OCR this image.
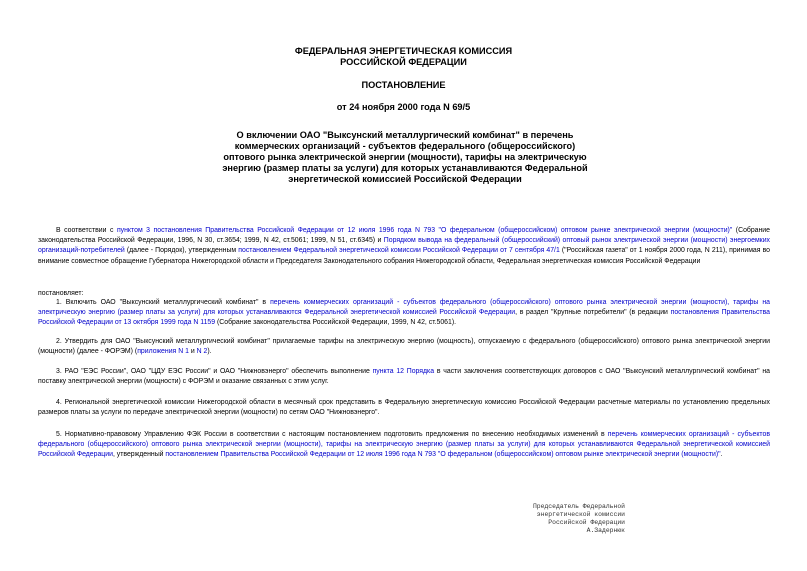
ФЕДЕРАЛЬНАЯ ЭНЕРГЕТИЧЕСКАЯ КОМИССИЯ
РОССИЙСКОЙ ФЕДЕРАЦИИ
ПОСТАНОВЛЕНИЕ
от 24 ноября 2000 года N 69/5
О включении ОАО "Выксунский металлургический комбинат" в перечень коммерческих организаций - субъектов федерального (общероссийского) оптового рынка электрической энергии (мощности), тарифы на электрическую энергию (размер платы за услуги) для которых устанавливаются Федеральной энергетической комиссией Российской Федерации
В соответствии с пунктом 3 постановления Правительства Российской Федерации от 12 июля 1996 года N 793 "О федеральном (общероссийском) оптовом рынке электрической энергии (мощности)" (Собрание законодательства Российской Федерации, 1996, N 30, ст.3654; 1999, N 42, ст.5061; 1999, N 51, ст.6345) и Порядком вывода на федеральный (общероссийский) оптовый рынок электрической энергии (мощности) энергоемких организаций-потребителей (далее - Порядок), утвержденным постановлением Федеральной энергетической комиссии Российской Федерации от 7 сентября 47/1 ("Российская газета" от 1 ноября 2000 года, N 211), принимая во внимание совместное обращение Губернатора Нижегородской области и Председателя Законодательного собрания Нижегородской области, Федеральная энергетическая комиссия Российской Федерации
постановляет:
1. Включить ОАО "Выксунский металлургический комбинат" в перечень коммерческих организаций - субъектов федерального (общероссийского) оптового рынка электрической энергии (мощности), тарифы на электрическую энергию (размер платы за услуги) для которых устанавливаются Федеральной энергетической комиссией Российской Федерации, в раздел "Крупные потребители" (в редакции постановления Правительства Российской Федерации от 13 октября 1999 года N 1159 (Собрание законодательства Российской Федерации, 1999, N 42, ст.5061).
2. Утвердить для ОАО "Выксунский металлургический комбинат" прилагаемые тарифы на электрическую энергию (мощность), отпускаемую с федерального (общероссийского) оптового рынка электрической энергии (мощности) (далее - ФОРЭМ) (приложения N 1 и N 2).
3. РАО "ЕЭС России", ОАО "ЦДУ ЕЭС России" и ОАО "Нижновэнерго" обеспечить выполнение пункта 12 Порядка в части заключения соответствующих договоров с ОАО "Выксунский металлургический комбинат" на поставку электрической энергии (мощности) с ФОРЭМ и оказание связанных с этим услуг.
4. Региональной энергетической комиссии Нижегородской области в месячный срок представить в Федеральную энергетическую комиссию Российской Федерации расчетные материалы по установлению предельных размеров платы за услуги по передаче электрической энергии (мощности) по сетям ОАО "Нижновэнерго".
5. Нормативно-правовому Управлению ФЭК России в соответствии с настоящим постановлением подготовить предложения по внесению необходимых изменений в перечень коммерческих организаций - субъектов федерального (общероссийского) оптового рынка электрической энергии (мощности), тарифы на электрическую энергию (размер платы за услуги) для которых устанавливаются Федеральной энергетической комиссией Российской Федерации, утвержденный постановлением Правительства Российской Федерации от 12 июля 1996 года N 793 "О федеральном (общероссийском) оптовом рынке электрической энергии (мощности)".
Председатель Федеральной
энергетической комиссии
Российской Федерации
А.Задернюк
